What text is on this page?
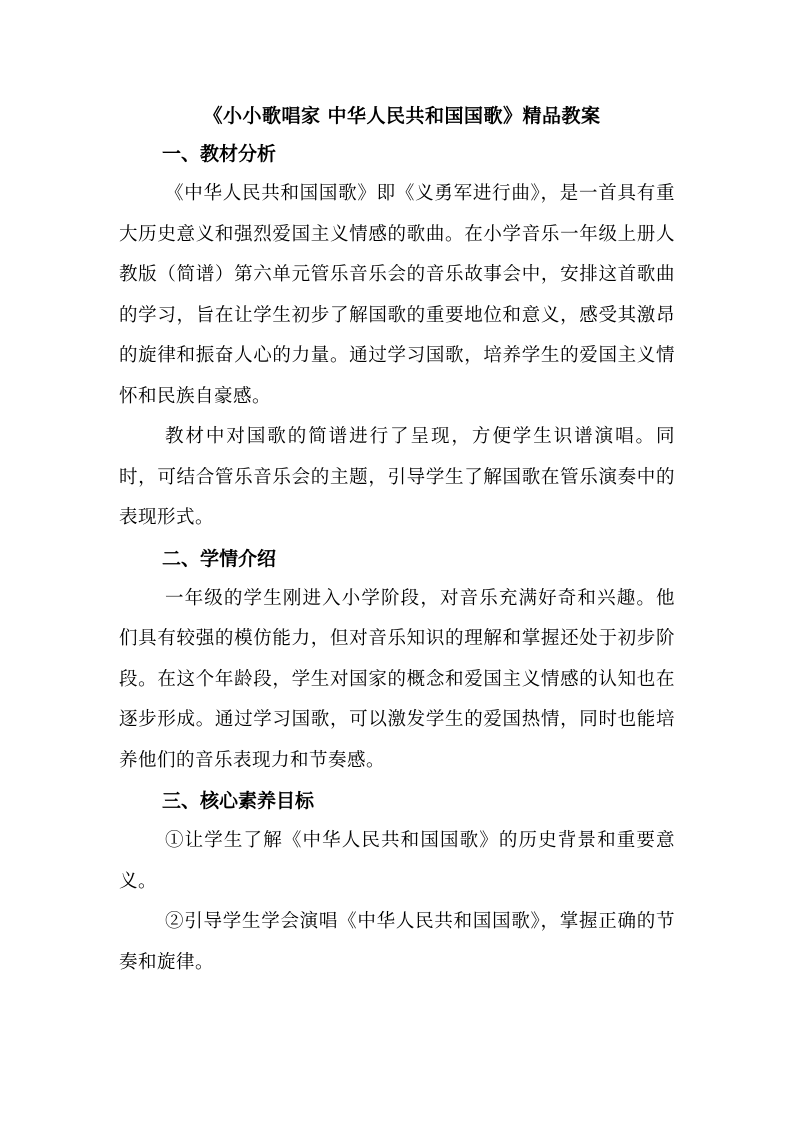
《小小歌唱家 中华人民共和国国歌》精品教案
一、教材分析

《中华人民共和国国歌》即《义勇军进行曲》，是一首具有重大历史意义和强烈爱国主义情感的歌曲。在小学音乐一年级上册人教版（简谱）第六单元管乐音乐会的音乐故事会中，安排这首歌曲的学习，旨在让学生初步了解国歌的重要地位和意义，感受其激昂的旋律和振奋人心的力量。通过学习国歌，培养学生的爱国主义情怀和民族自豪感。

教材中对国歌的简谱进行了呈现，方便学生识谱演唱。同时，可结合管乐音乐会的主题，引导学生了解国歌在管乐演奏中的表现形式。

二、学情介绍

一年级的学生刚进入小学阶段，对音乐充满好奇和兴趣。他们具有较强的模仿能力，但对音乐知识的理解和掌握还处于初步阶段。在这个年龄段，学生对国家的概念和爱国主义情感的认知也在逐步形成。通过学习国歌，可以激发学生的爱国热情，同时也能培养他们的音乐表现力和节奏感。

三、核心素养目标

①让学生了解《中华人民共和国国歌》的历史背景和重要意义。

②引导学生学会演唱《中华人民共和国国歌》，掌握正确的节奏和旋律。
